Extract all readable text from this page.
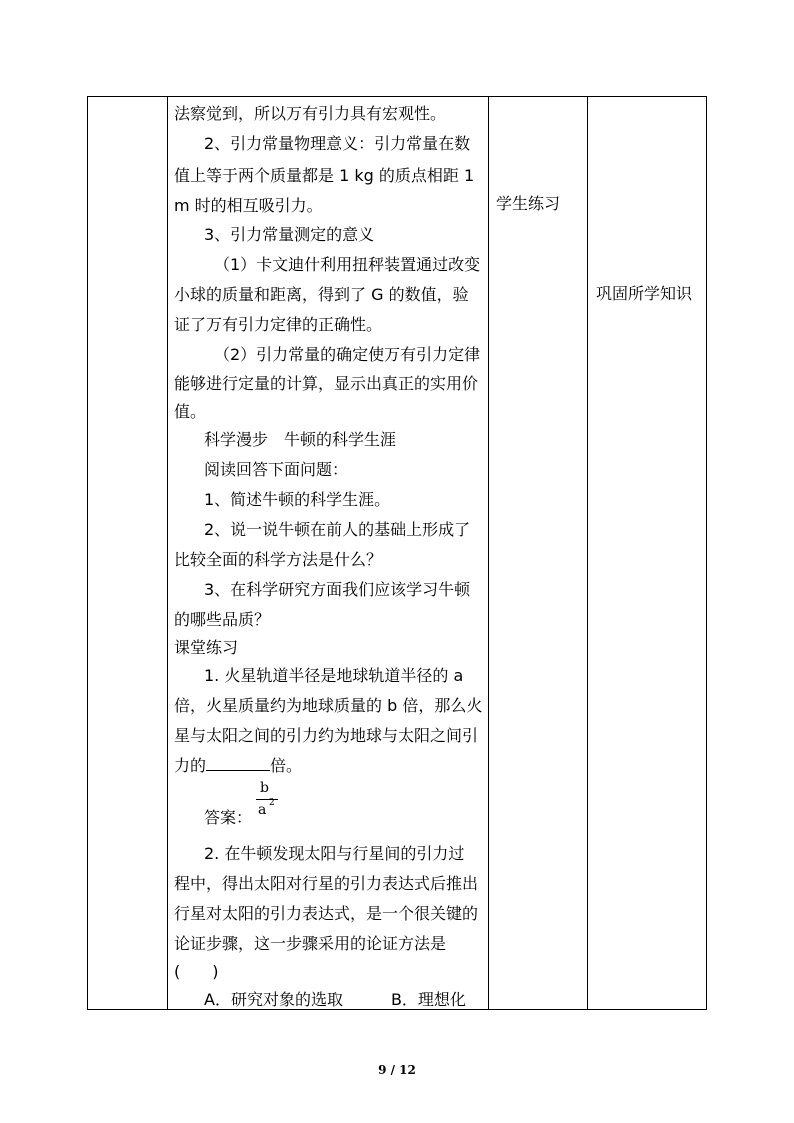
法察觉到，所以万有引力具有宏观性。
2、引力常量物理意义：引力常量在数
值上等于两个质量都是 1 kg 的质点相距 1
m 时的相互吸引力。
3、引力常量测定的意义
（1）卡文迪什利用扭秤装置通过改变
小球的质量和距离，得到了 G 的数值，验
证了万有引力定律的正确性。
（2）引力常量的确定使万有引力定律
能够进行定量的计算，显示出真正的实用价
值。
科学漫步　牛顿的科学生涯
阅读回答下面问题：
1、简述牛顿的科学生涯。
2、说一说牛顿在前人的基础上形成了
比较全面的科学方法是什么？
3、在科学研究方面我们应该学习牛顿
的哪些品质？
课堂练习
1. 火星轨道半径是地球轨道半径的 a
倍，火星质量约为地球质量的 b 倍，那么火
星与太阳之间的引力约为地球与太阳之间引
力的	倍。
答案：
b
a 2
2. 在牛顿发现太阳与行星间的引力过
程中，得出太阳对行星的引力表达式后推出
行星对太阳的引力表达式，是一个很关键的
论证步骤，这一步骤采用的论证方法是
(　　)
A．研究对象的选取　　　B．理想化
学生练习
巩固所学知识
9 / 12
